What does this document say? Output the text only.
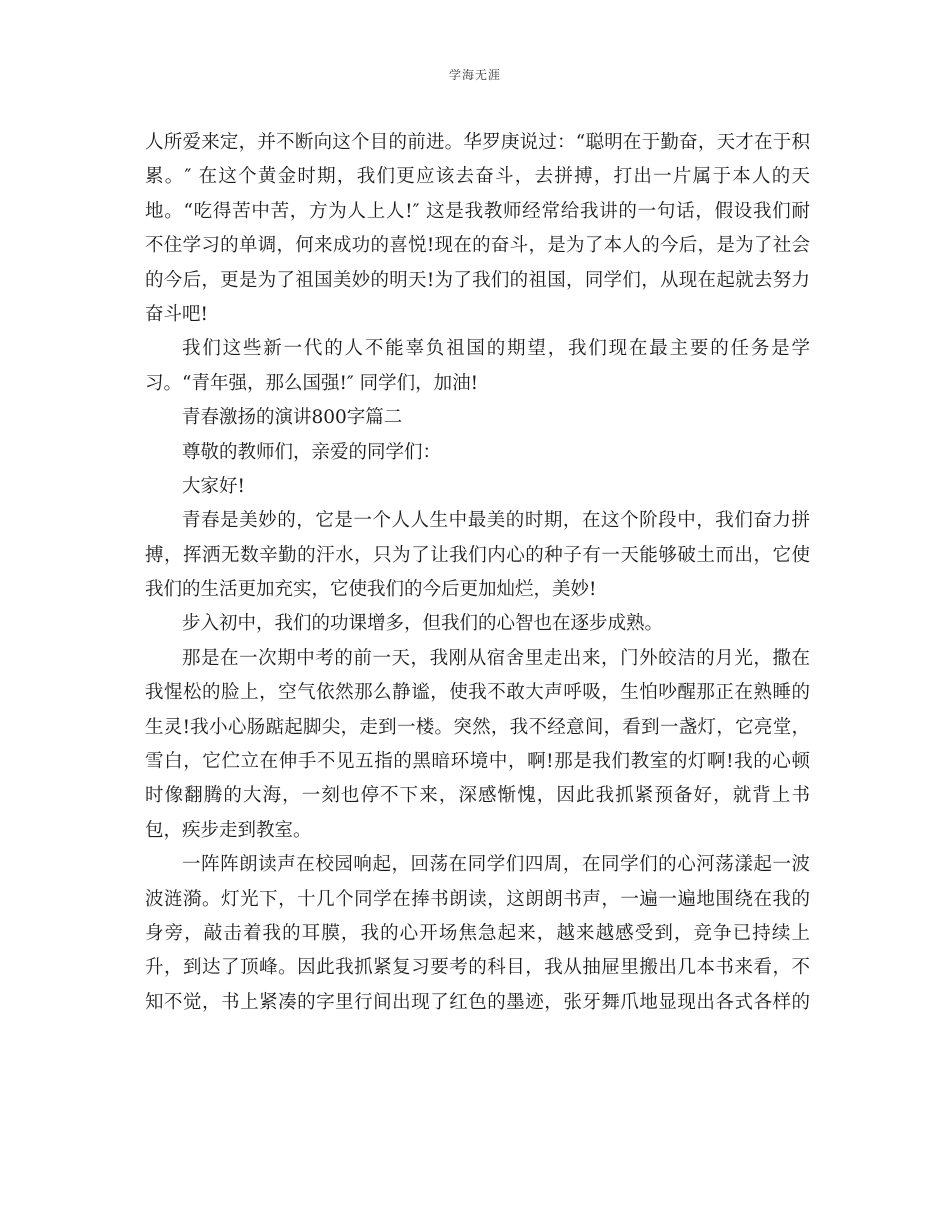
学海无涯
人所爱来定，并不断向这个目的前进。华罗庚说过：“聪明在于勤奋，天才在于积
累。″ 在这个黄金时期，我们更应该去奋斗，去拼搏，打出一片属于本人的天
地。“吃得苦中苦，方为人上人!″ 这是我教师经常给我讲的一句话，假设我们耐
不住学习的单调，何来成功的喜悦!现在的奋斗，是为了本人的今后，是为了社会
的今后，更是为了祖国美妙的明天!为了我们的祖国，同学们，从现在起就去努力
奋斗吧!
我们这些新一代的人不能辜负祖国的期望，我们现在最主要的任务是学
习。“青年强，那么国强!″ 同学们，加油!
青春激扬的演讲800字篇二
尊敬的教师们，亲爱的同学们：
大家好!
青春是美妙的，它是一个人人生中最美的时期，在这个阶段中，我们奋力拼
搏，挥洒无数辛勤的汗水，只为了让我们内心的种子有一天能够破土而出，它使
我们的生活更加充实，它使我们的今后更加灿烂，美妙!
步入初中，我们的功课增多，但我们的心智也在逐步成熟。
那是在一次期中考的前一天，我刚从宿舍里走出来，门外皎洁的月光，撒在
我惺松的脸上，空气依然那么静谧，使我不敢大声呼吸，生怕吵醒那正在熟睡的
生灵!我小心肠踮起脚尖，走到一楼。突然，我不经意间，看到一盏灯，它亮堂，
雪白，它伫立在伸手不见五指的黑暗环境中，啊!那是我们教室的灯啊!我的心顿
时像翻腾的大海，一刻也停不下来，深感惭愧，因此我抓紧预备好，就背上书
包，疾步走到教室。
一阵阵朗读声在校园响起，回荡在同学们四周，在同学们的心河荡漾起一波
波涟漪。灯光下，十几个同学在捧书朗读，这朗朗书声，一遍一遍地围绕在我的
身旁，敲击着我的耳膜，我的心开场焦急起来，越来越感受到，竞争已持续上
升，到达了顶峰。因此我抓紧复习要考的科目，我从抽屉里搬出几本书来看，不
知不觉，书上紧凑的字里行间出现了红色的墨迹，张牙舞爪地显现出各式各样的
